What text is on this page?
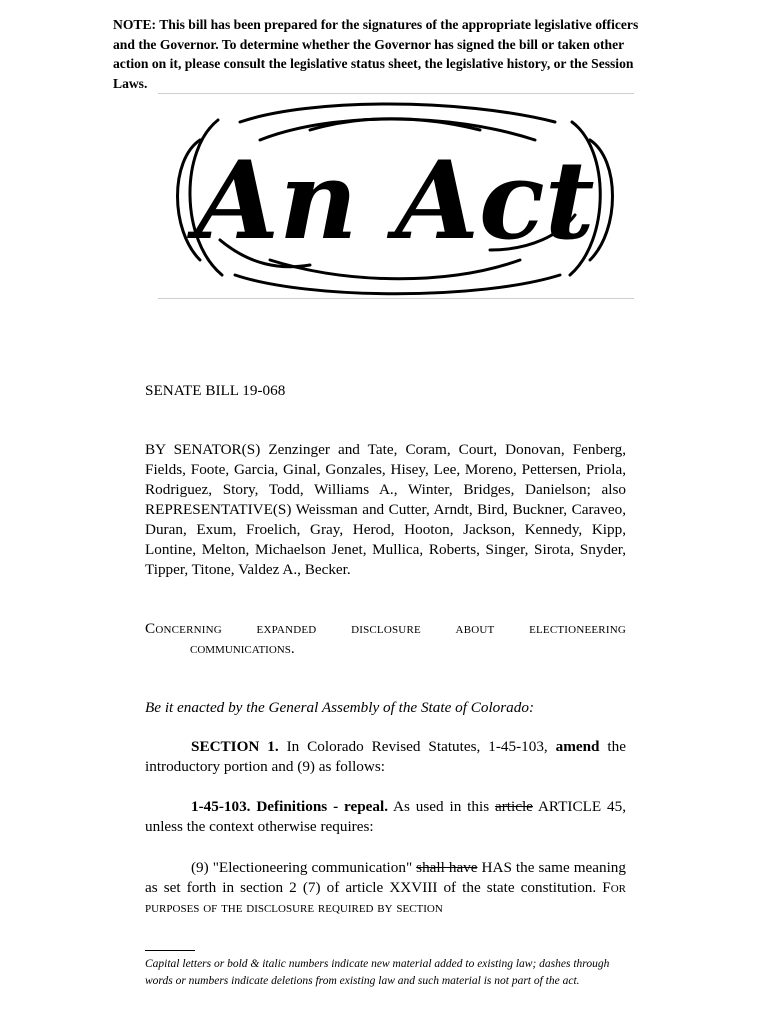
NOTE: This bill has been prepared for the signatures of the appropriate legislative officers and the Governor. To determine whether the Governor has signed the bill or taken other action on it, please consult the legislative status sheet, the legislative history, or the Session Laws.
An Act
SENATE BILL 19-068
BY SENATOR(S) Zenzinger and Tate, Coram, Court, Donovan, Fenberg, Fields, Foote, Garcia, Ginal, Gonzales, Hisey, Lee, Moreno, Pettersen, Priola, Rodriguez, Story, Todd, Williams A., Winter, Bridges, Danielson; also REPRESENTATIVE(S) Weissman and Cutter, Arndt, Bird, Buckner, Caraveo, Duran, Exum, Froelich, Gray, Herod, Hooton, Jackson, Kennedy, Kipp, Lontine, Melton, Michaelson Jenet, Mullica, Roberts, Singer, Sirota, Snyder, Tipper, Titone, Valdez A., Becker.
Concerning expanded disclosure about electioneering
communications.
Be it enacted by the General Assembly of the State of Colorado:
SECTION 1. In Colorado Revised Statutes, 1-45-103, amend the introductory portion and (9) as follows:
1-45-103. Definitions - repeal. As used in this article ARTICLE 45, unless the context otherwise requires:
(9) "Electioneering communication" shall have HAS the same meaning as set forth in section 2 (7) of article XXVIII of the state constitution. For purposes of the disclosure required by section
Capital letters or bold & italic numbers indicate new material added to existing law; dashes through words or numbers indicate deletions from existing law and such material is not part of the act.
